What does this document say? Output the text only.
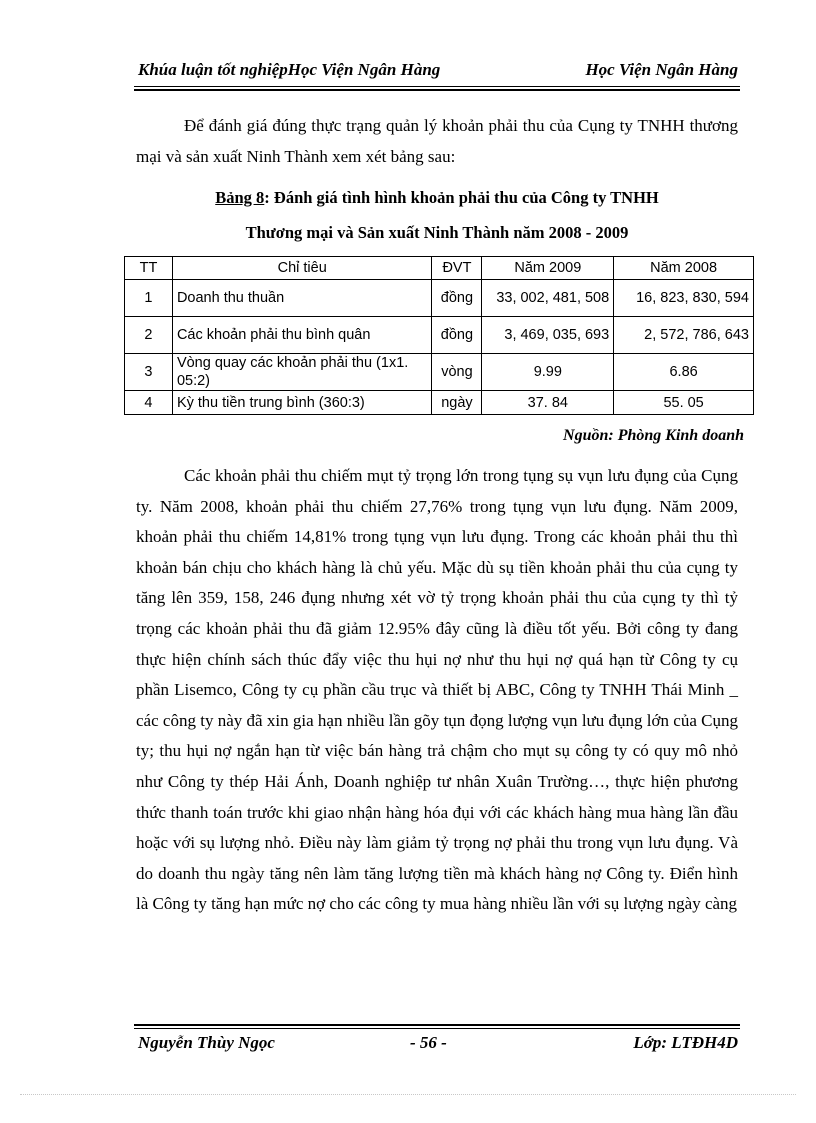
Khúa luận tốt nghiệpHọc Viện Ngân Hàng	Học Viện Ngân Hàng

Để đánh giá đúng thực trạng quản lý khoản phải thu của Cụng ty TNHH thương mại và sản xuất Ninh Thành xem xét bảng sau:

Bảng 8: Đánh giá tình hình khoản phải thu của Công ty TNHH
Thương mại và Sản xuất Ninh Thành năm 2008 - 2009
TT	Chỉ tiêu	ĐVT	Năm 2009	Năm 2008
1	Doanh thu thuần	đồng	33, 002, 481, 508	16, 823, 830, 594
2	Các khoản phải thu bình quân	đồng	3, 469, 035, 693	2, 572, 786, 643
3	Vòng quay các khoản phải thu (1x1. 05:2)	vòng	9.99	6.86
4	Kỳ thu tiền trung bình (360:3)	ngày	37. 84	55. 05
Nguồn: Phòng Kinh doanh

Các khoản phải thu chiếm mụt tỷ trọng lớn trong tụng sụ vụn lưu đụng của Cụng ty. Năm 2008, khoản phải thu chiếm 27,76% trong tụng vụn lưu đụng. Năm 2009, khoản phải thu chiếm 14,81% trong tụng vụn lưu đụng. Trong các khoản phải thu thì khoản bán chịu cho khách hàng là chủ yếu. Mặc dù sụ tiền khoản phải thu của cụng ty tăng lên 359, 158, 246 đụng nhưng xét vờ tỷ trọng khoản phải thu của cụng ty thì tỷ trọng các khoản phải thu đã giảm 12.95% đây cũng là điều tốt yếu. Bởi công ty đang thực hiện chính sách thúc đẩy việc thu hụi nợ như thu hụi nợ quá hạn từ Công ty cụ phần Lisemco, Công ty cụ phần cầu trục và thiết bị ABC, Công ty TNHH Thái Minh _ các công ty này đã xin gia hạn nhiều lần gõy tụn đọng lượng vụn lưu đụng lớn của Cụng ty; thu hụi nợ ngắn hạn từ việc bán hàng trả chậm cho mụt sụ công ty có quy mô nhỏ như Công ty thép Hải Ánh, Doanh nghiệp tư nhân Xuân Trường…, thực hiện phương thức thanh toán trước khi giao nhận hàng hóa đụi với các khách hàng mua hàng lần đầu hoặc với sụ lượng nhỏ. Điều này làm giảm tỷ trọng nợ phải thu trong vụn lưu đụng. Và do doanh thu ngày tăng nên làm tăng lượng tiền mà khách hàng nợ Công ty. Điển hình là Công ty tăng hạn mức nợ cho các công ty mua hàng nhiều lần với sụ lượng ngày càng

Nguyễn Thùy Ngọc	- 56 -	Lớp: LTĐH4D
